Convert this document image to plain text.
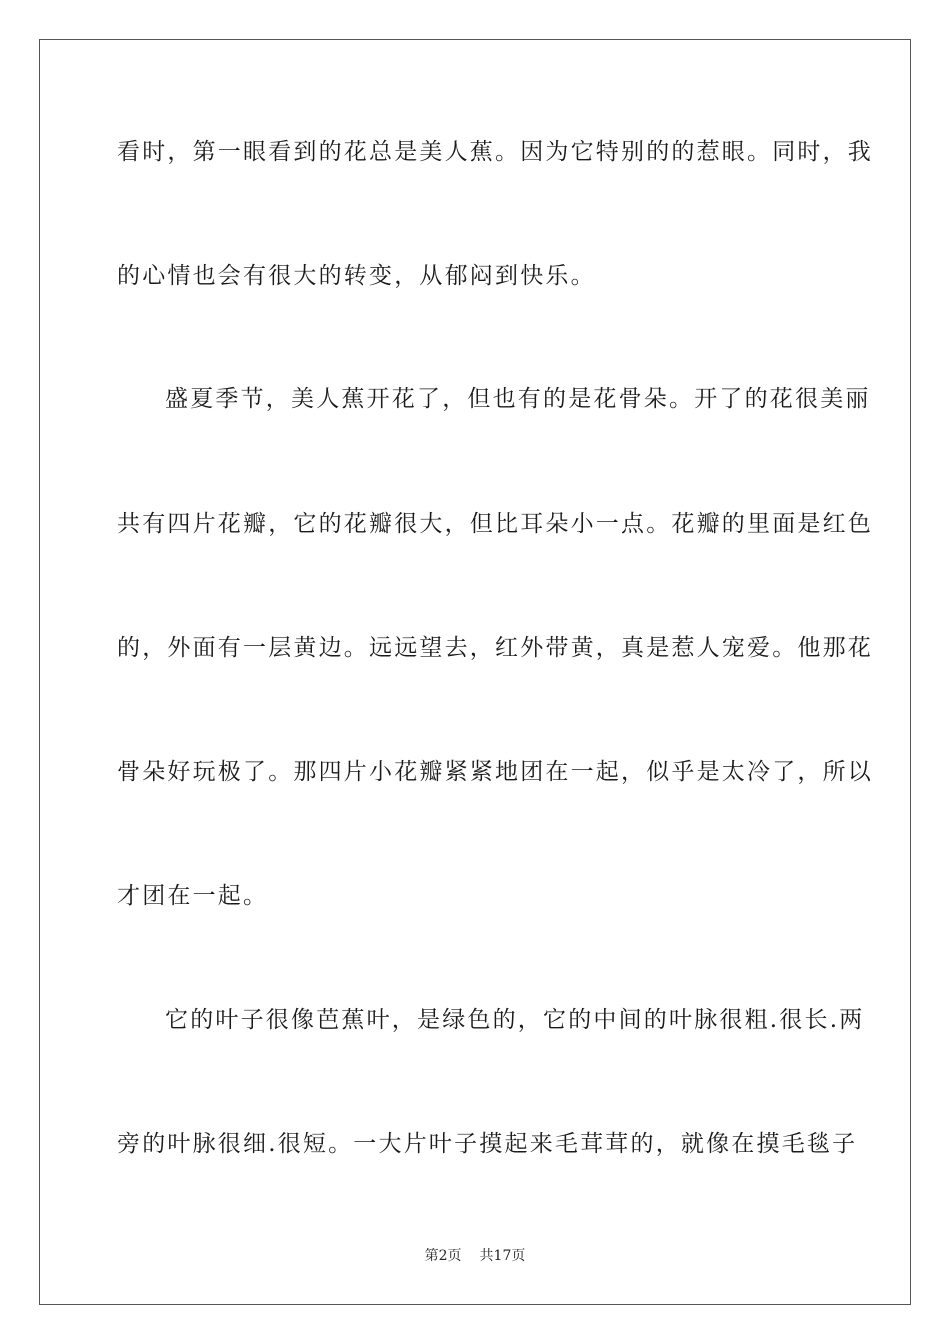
看时，第一眼看到的花总是美人蕉。因为它特别的的惹眼。同时，我
的心情也会有很大的转变，从郁闷到快乐。
盛夏季节，美人蕉开花了，但也有的是花骨朵。开了的花很美丽
共有四片花瓣，它的花瓣很大，但比耳朵小一点。花瓣的里面是红色
的，外面有一层黄边。远远望去，红外带黄，真是惹人宠爱。他那花
骨朵好玩极了。那四片小花瓣紧紧地团在一起，似乎是太冷了，所以
才团在一起。
它的叶子很像芭蕉叶，是绿色的，它的中间的叶脉很粗.很长.两
旁的叶脉很细.很短。一大片叶子摸起来毛茸茸的，就像在摸毛毯子
第2页 共17页
